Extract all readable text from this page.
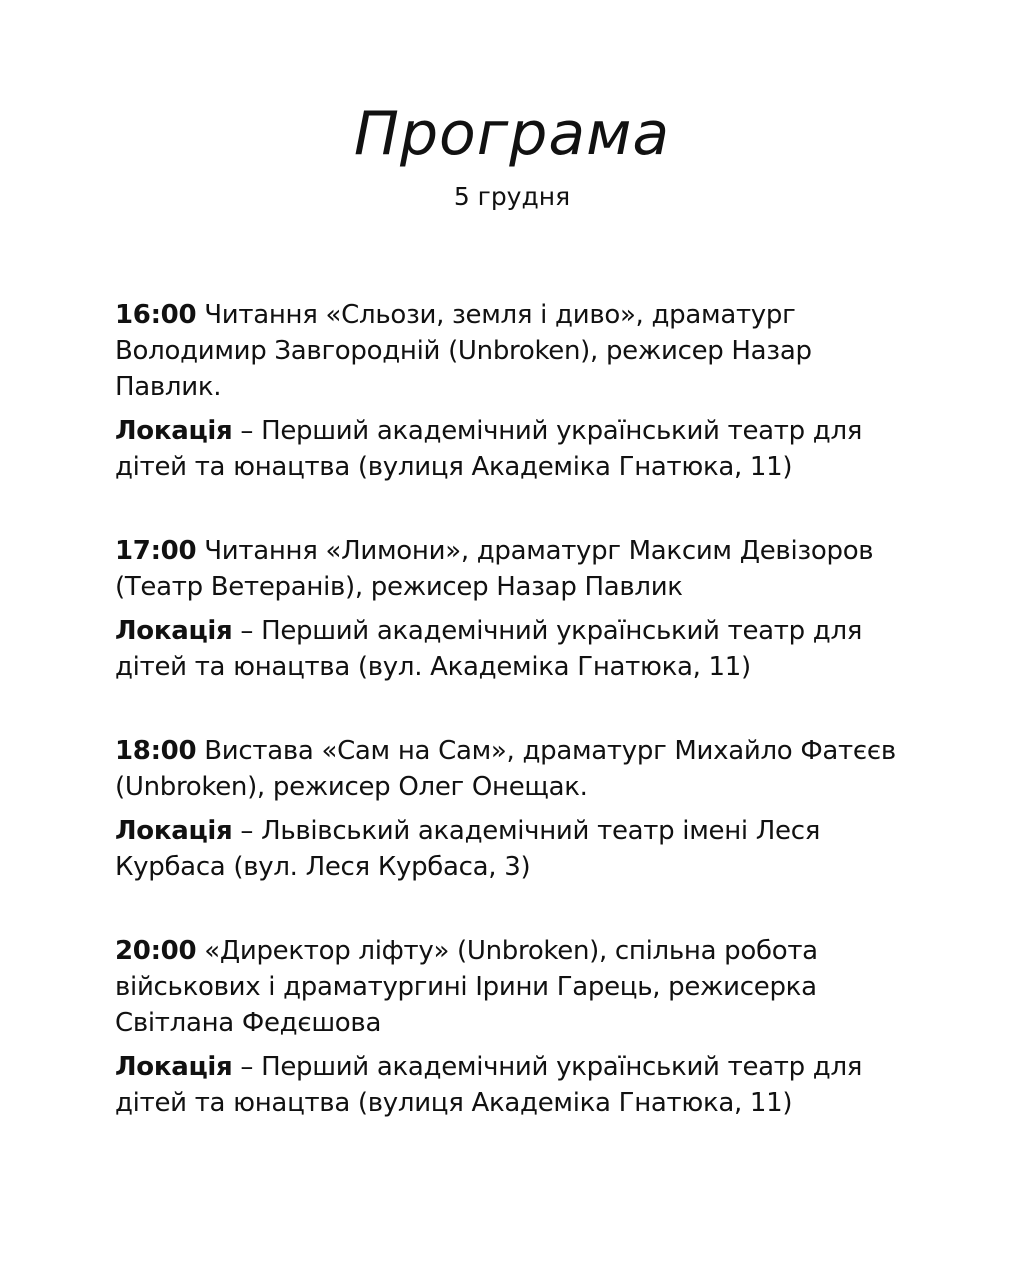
Програма
5 грудня

16:00 Читання «Сльози, земля і диво», драматург Володимир Завгородній (Unbroken), режисер Назар Павлик.

Локація – Перший академічний український театр для дітей та юнацтва (вулиця Академіка Гнатюка, 11)

17:00 Читання «Лимони», драматург Максим Девізоров (Театр Ветеранів), режисер Назар Павлик

Локація – Перший академічний український театр для дітей та юнацтва (вул. Академіка Гнатюка, 11)

18:00 Вистава «Сам на Сам», драматург Михайло Фатєєв (Unbroken), режисер Олег Онещак.

Локація – Львівський академічний театр імені Леся Курбаса (вул. Леся Курбаса, 3)

20:00 «Директор ліфту» (Unbroken), спільна робота військових і драматургині Ірини Гарець, режисерка Світлана Федєшова

Локація – Перший академічний український театр для дітей та юнацтва (вулиця Академіка Гнатюка, 11)
